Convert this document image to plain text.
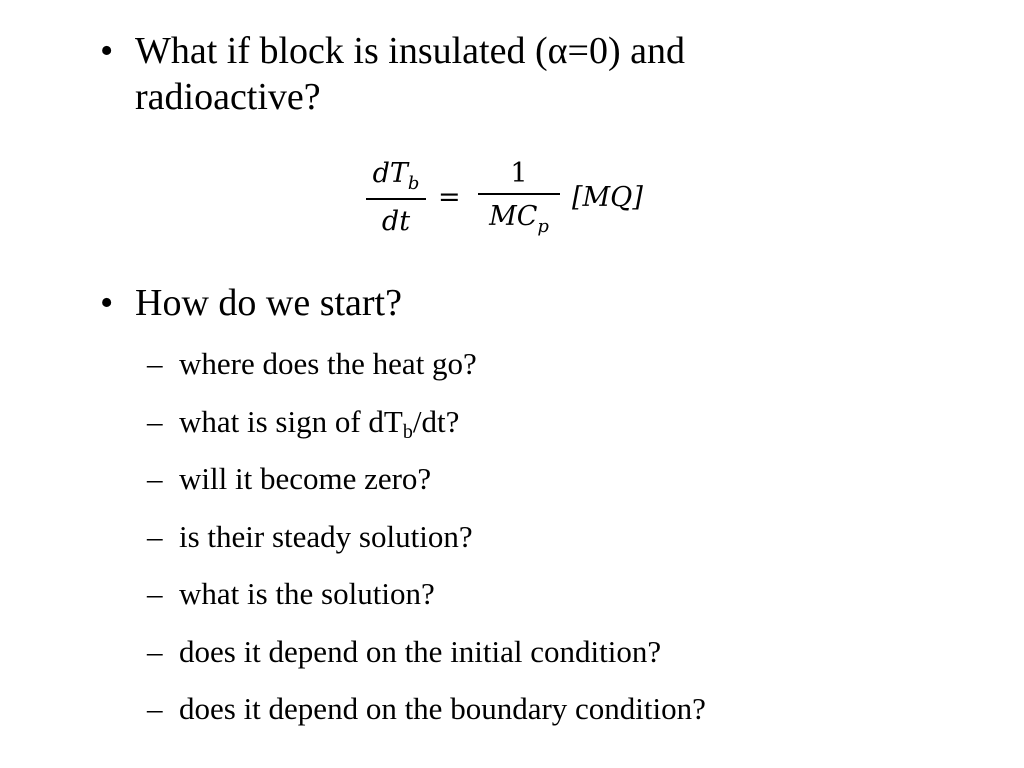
• What if block is insulated (α=0) and radioactive?
$dT_b$
dt
=
1
$MC_p$
[MQ]
• How do we start?
– where does the heat go?
– what is sign of dTb/dt?
– will it become zero?
– is their steady solution?
– what is the solution?
– does it depend on the initial condition?
– does it depend on the boundary condition?
